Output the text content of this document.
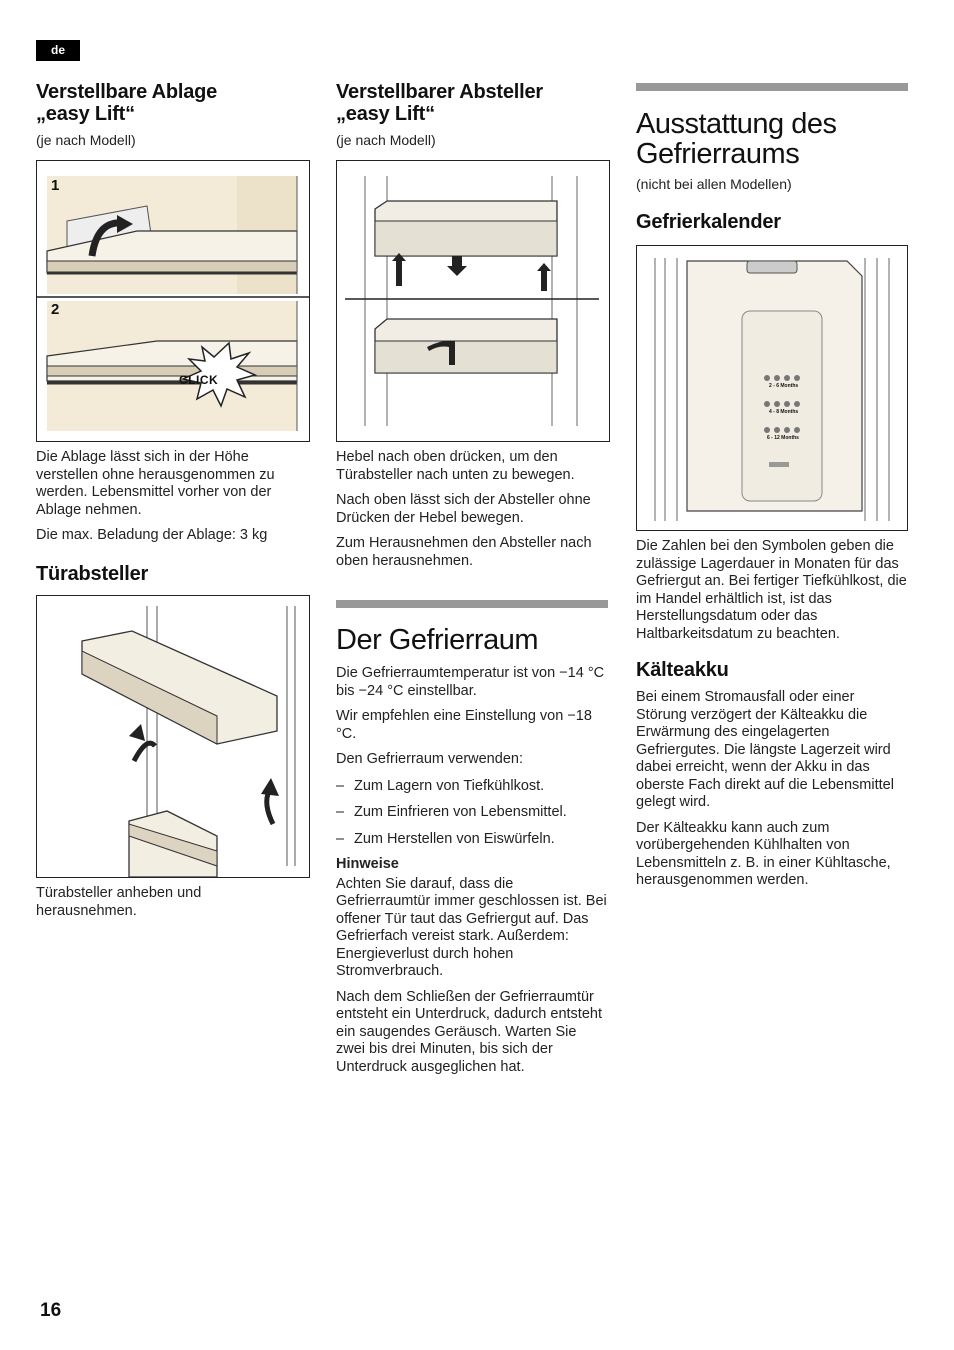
de
Verstellbare Ablage
„easy Lift“
(je nach Modell)
1
2
CLICK

Die Ablage lässt sich in der Höhe verstellen ohne herausgenommen zu werden. Lebensmittel vorher von der Ablage nehmen.

Die max. Beladung der Ablage: 3 kg

Türabsteller

Türabsteller anheben und herausnehmen.

Verstellbarer Absteller
„easy Lift“
(je nach Modell)

Hebel nach oben drücken, um den Türabsteller nach unten zu bewegen.

Nach oben lässt sich der Absteller ohne Drücken der Hebel bewegen.

Zum Herausnehmen den Absteller nach oben herausnehmen.

Der Gefrierraum

Die Gefrierraumtemperatur ist von −14 °C bis −24 °C einstellbar.

Wir empfehlen eine Einstellung von −18 °C.

Den Gefrierraum verwenden:

– Zum Lagern von Tiefkühlkost.

– Zum Einfrieren von Lebensmittel.

– Zum Herstellen von Eiswürfeln.

Hinweise

Achten Sie darauf, dass die Gefrierraumtür immer geschlossen ist. Bei offener Tür taut das Gefriergut auf. Das Gefrierfach vereist stark. Außerdem: Energieverlust durch hohen Stromverbrauch.

Nach dem Schließen der Gefrierraumtür entsteht ein Unterdruck, dadurch entsteht ein saugendes Geräusch. Warten Sie zwei bis drei Minuten, bis sich der Unterdruck ausgeglichen hat.

Ausstattung des
Gefrierraums
(nicht bei allen Modellen)
Gefrierkalender
2 - 6 Months
4 - 8 Months
6 - 12 Months

Die Zahlen bei den Symbolen geben die zulässige Lagerdauer in Monaten für das Gefriergut an. Bei fertiger Tiefkühlkost, die im Handel erhältlich ist, ist das Herstellungsdatum oder das Haltbarkeitsdatum zu beachten.

Kälteakku

Bei einem Stromausfall oder einer Störung verzögert der Kälteakku die Erwärmung des eingelagerten Gefriergutes. Die längste Lagerzeit wird dabei erreicht, wenn der Akku in das oberste Fach direkt auf die Lebensmittel gelegt wird.

Der Kälteakku kann auch zum vorübergehenden Kühlhalten von Lebensmitteln z. B. in einer Kühltasche, herausgenommen werden.

16
